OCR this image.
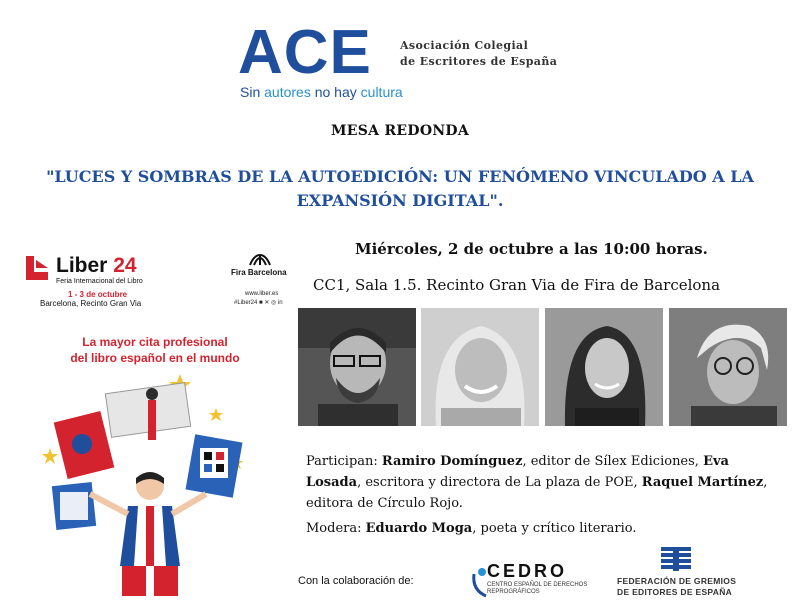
ACE
Sin autores no hay cultura
Asociación Colegial
de Escritores de España
MESA REDONDA
"LUCES Y SOMBRAS DE LA AUTOEDICIÓN: UN FENÓMENO VINCULADO A LA EXPANSIÓN DIGITAL".
Miércoles, 2 de octubre a las 10:00 horas.
CC1, Sala 1.5. Recinto Gran Via de Fira de Barcelona
Participan: Ramiro Domínguez, editor de Sílex Ediciones, Eva Losada, escritora y directora de La plaza de POE, Raquel Martínez, editora de Círculo Rojo.
Modera: Eduardo Moga, poeta y crítico literario.
Liber 24
Feria Internacional del Libro
1 - 3 de octubre
Barcelona, Recinto Gran Via
Fira Barcelona
www.liber.es
#Liber24 ■ ✕ ◎ in
La mayor cita profesional
del libro español en el mundo
Con la colaboración de:	CEDRO
CENTRO ESPAÑOL DE DERECHOS REPROGRÁFICOS
FEDERACIÓN DE GREMIOS
DE EDITORES DE ESPAÑA
